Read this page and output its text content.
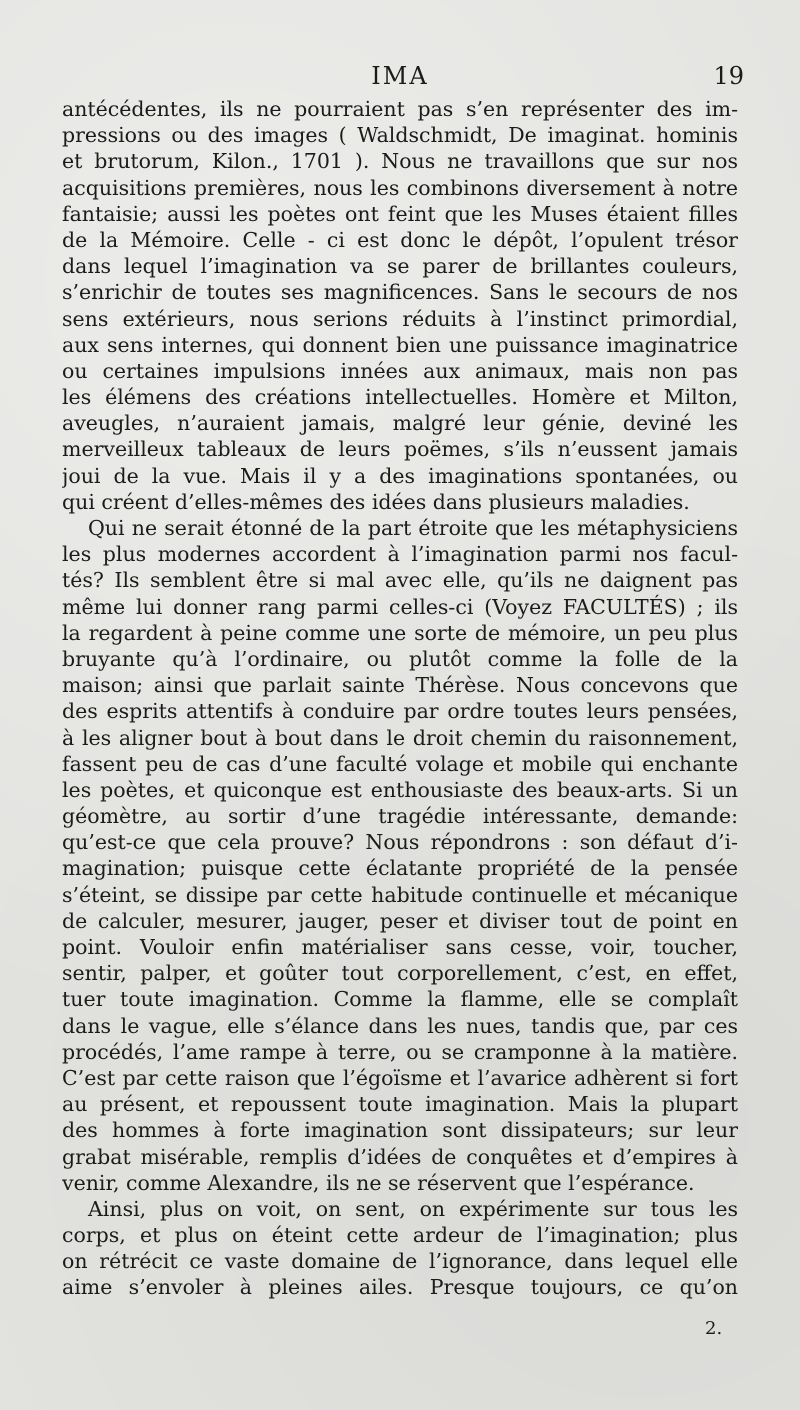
IMA	19
antécédentes, ils ne pourraient pas s’en représenter des im-
pressions ou des images ( Waldschmidt, De imaginat. hominis
et brutorum, Kilon., 1701 ). Nous ne travaillons que sur nos
acquisitions premières, nous les combinons diversement à notre
fantaisie; aussi les poètes ont feint que les Muses étaient filles
de la Mémoire. Celle - ci est donc le dépôt, l’opulent trésor
dans lequel l’imagination va se parer de brillantes couleurs,
s’enrichir de toutes ses magnificences. Sans le secours de nos
sens extérieurs, nous serions réduits à l’instinct primordial,
aux sens internes, qui donnent bien une puissance imaginatrice
ou certaines impulsions innées aux animaux, mais non pas
les élémens des créations intellectuelles. Homère et Milton,
aveugles, n’auraient jamais, malgré leur génie, deviné les
merveilleux tableaux de leurs poëmes, s’ils n’eussent jamais
joui de la vue. Mais il y a des imaginations spontanées, ou
qui créent d’elles-mêmes des idées dans plusieurs maladies.
Qui ne serait étonné de la part étroite que les métaphysiciens
les plus modernes accordent à l’imagination parmi nos facul-
tés? Ils semblent être si mal avec elle, qu’ils ne daignent pas
même lui donner rang parmi celles-ci (Voyez FACULTÉS) ; ils
la regardent à peine comme une sorte de mémoire, un peu plus
bruyante qu’à l’ordinaire, ou plutôt comme la folle de la
maison; ainsi que parlait sainte Thérèse. Nous concevons que
des esprits attentifs à conduire par ordre toutes leurs pensées,
à les aligner bout à bout dans le droit chemin du raisonnement,
fassent peu de cas d’une faculté volage et mobile qui enchante
les poètes, et quiconque est enthousiaste des beaux-arts. Si un
géomètre, au sortir d’une tragédie intéressante, demande:
qu’est-ce que cela prouve? Nous répondrons : son défaut d’i-
magination; puisque cette éclatante propriété de la pensée
s’éteint, se dissipe par cette habitude continuelle et mécanique
de calculer, mesurer, jauger, peser et diviser tout de point en
point. Vouloir enfin matérialiser sans cesse, voir, toucher,
sentir, palper, et goûter tout corporellement, c’est, en effet,
tuer toute imagination. Comme la flamme, elle se complaît
dans le vague, elle s’élance dans les nues, tandis que, par ces
procédés, l’ame rampe à terre, ou se cramponne à la matière.
C’est par cette raison que l’égoïsme et l’avarice adhèrent si fort
au présent, et repoussent toute imagination. Mais la plupart
des hommes à forte imagination sont dissipateurs; sur leur
grabat misérable, remplis d’idées de conquêtes et d’empires à
venir, comme Alexandre, ils ne se réservent que l’espérance.
Ainsi, plus on voit, on sent, on expérimente sur tous les
corps, et plus on éteint cette ardeur de l’imagination; plus
on rétrécit ce vaste domaine de l’ignorance, dans lequel elle
aime s’envoler à pleines ailes. Presque toujours, ce qu’on
2.
